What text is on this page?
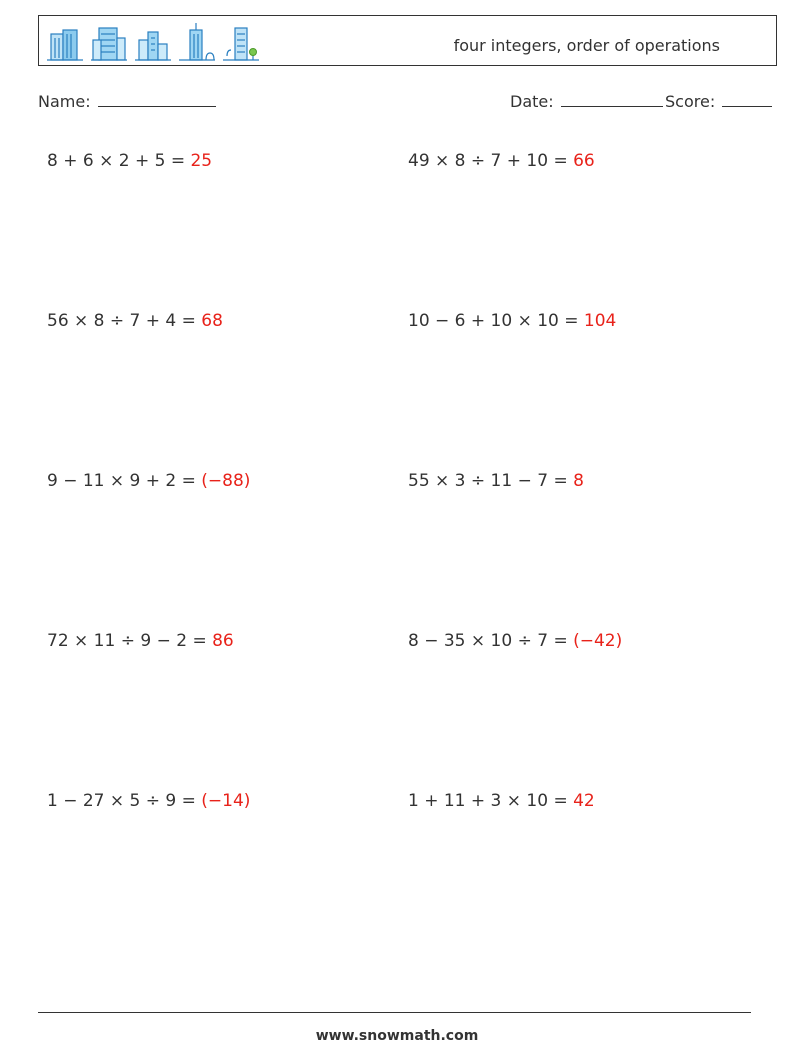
four integers, order of operations
Name:	Date:	Score:
8 + 6 × 2 + 5 = 25	49 × 8 ÷ 7 + 10 = 66
56 × 8 ÷ 7 + 4 = 68	10 − 6 + 10 × 10 = 104
9 − 11 × 9 + 2 = (−88)	55 × 3 ÷ 11 − 7 = 8
72 × 11 ÷ 9 − 2 = 86	8 − 35 × 10 ÷ 7 = (−42)
1 − 27 × 5 ÷ 9 = (−14)	1 + 11 + 3 × 10 = 42
www.snowmath.com
